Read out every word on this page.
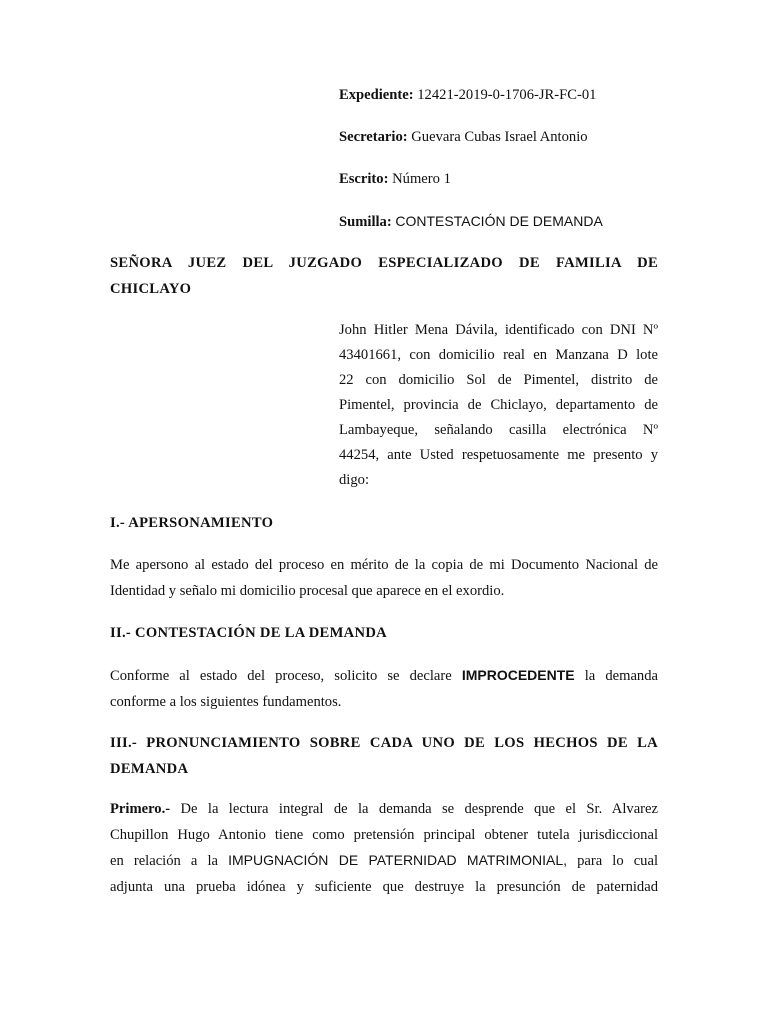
Expediente: 12421-2019-0-1706-JR-FC-01
Secretario: Guevara Cubas Israel Antonio
Escrito: Número 1
Sumilla: CONTESTACIÓN DE DEMANDA
SEÑORA JUEZ DEL JUZGADO ESPECIALIZADO DE FAMILIA DE
CHICLAYO
John Hitler Mena Dávila, identificado con DNI Nº
43401661, con domicilio real en Manzana D lote
22 con domicilio Sol de Pimentel, distrito de
Pimentel, provincia de Chiclayo, departamento de
Lambayeque, señalando casilla electrónica Nº
44254, ante Usted respetuosamente me presento y
digo:
I.- APERSONAMIENTO
Me apersono al estado del proceso en mérito de la copia de mi Documento Nacional de
Identidad y señalo mi domicilio procesal que aparece en el exordio.
II.- CONTESTACIÓN DE LA DEMANDA
Conforme al estado del proceso, solicito se declare IMPROCEDENTE la demanda
conforme a los siguientes fundamentos.
III.- PRONUNCIAMIENTO SOBRE CADA UNO DE LOS HECHOS DE LA
DEMANDA
Primero.- De la lectura integral de la demanda se desprende que el Sr. Alvarez
Chupillon Hugo Antonio tiene como pretensión principal obtener tutela jurisdiccional
en relación a la IMPUGNACIÓN DE PATERNIDAD MATRIMONIAL, para lo cual
adjunta una prueba idónea y suficiente que destruye la presunción de paternidad
